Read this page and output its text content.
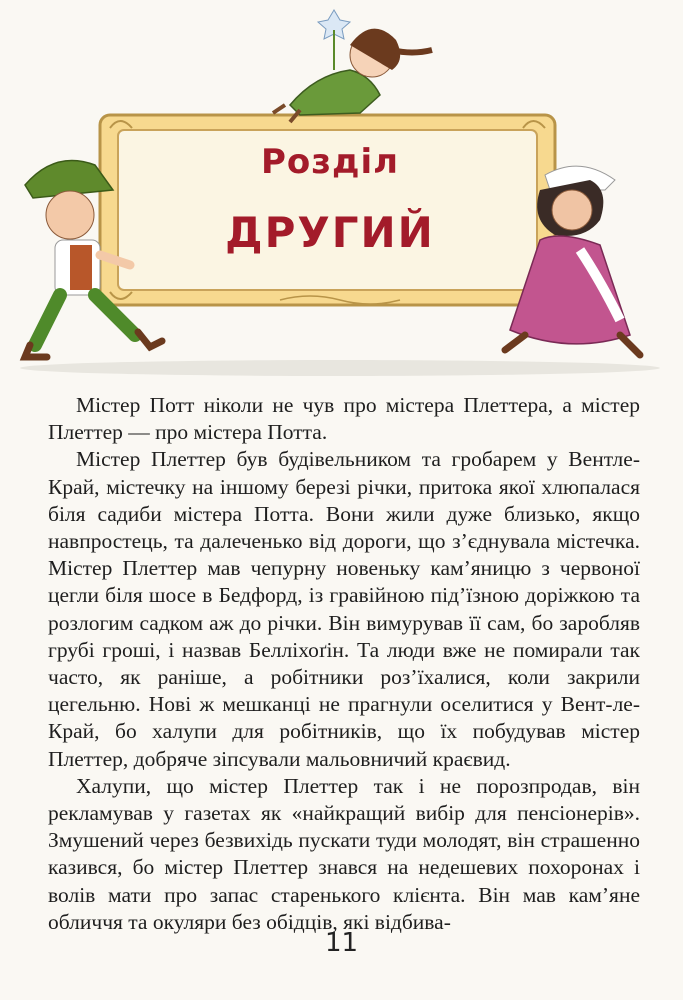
Розділ
ДРУГИЙ

Містер Потт ніколи не чув про містера Плеттера, а містер Плеттер — про містера Потта.

Містер Плеттер був будівельником та гробарем у Вентле-Край, містечку на іншому березі річки, притока якої хлюпалася біля садиби містера Потта. Вони жили дуже близько, якщо навпростець, та далеченько від дороги, що з’єднувала містечка. Містер Плеттер мав чепурну новеньку кам’яницю з червоної цегли біля шосе в Бедфорд, із гравійною під’їзною доріжкою та розлогим садком аж до річки. Він вимурував її сам, бо заробляв грубі гроші, і назвав Белліхоґін. Та люди вже не помирали так часто, як раніше, а робітники роз’їхалися, коли закрили цегельню. Нові ж мешканці не прагнули оселитися у Вент-ле-Край, бо халупи для робітників, що їх побудував містер Плеттер, добряче зіпсували мальовничий краєвид.

Халупи, що містер Плеттер так і не порозпродав, він рекламував у газетах як «найкращий вибір для пенсіонерів». Змушений через безвихідь пускати туди молодят, він страшенно казився, бо містер Плеттер знався на недешевих похоронах і волів мати про запас старенького клієнта. Він мав кам’яне обличчя та окуляри без обідців, які відбива-

11
